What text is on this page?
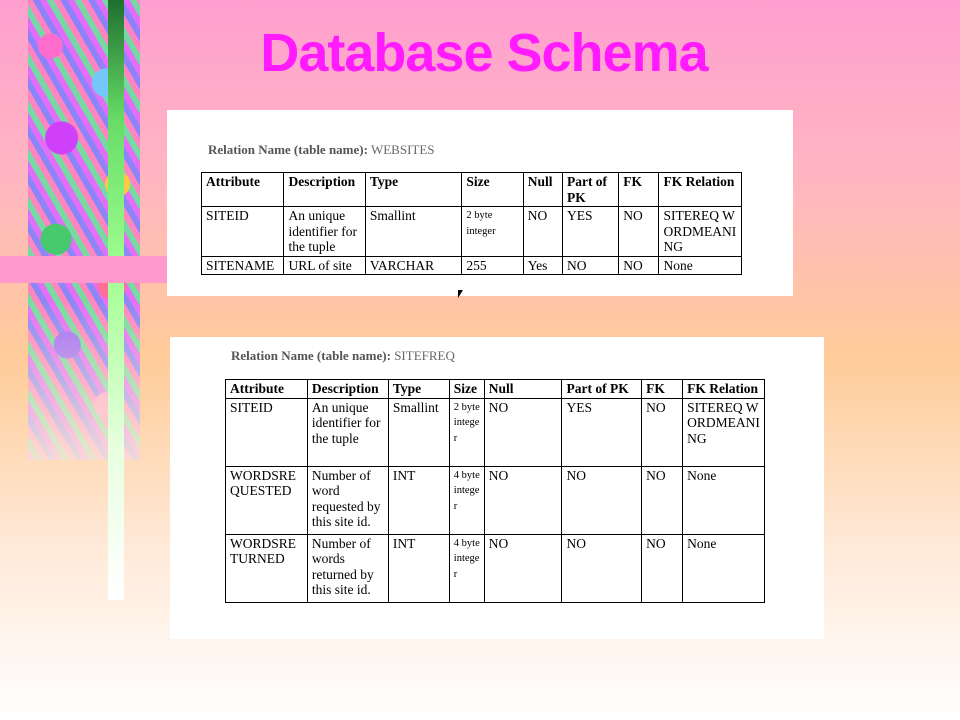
Database Schema
Relation Name (table name): WEBSITES
Attribute	Description	Type	Size	Null	Part of PK	FK	FK Relation
SITEID	An unique identifier for the tuple	Smallint	2 byte integer	NO	YES	NO	SITEREQ WORDMEANING
SITENAME	URL of site	VARCHAR	255	Yes	NO	NO	None
Relation Name (table name): SITEFREQ
Attribute	Description	Type	Size	Null	Part of PK	FK	FK Relation
SITEID	An unique identifier for the tuple	Smallint	2 byte integer	NO	YES	NO	SITEREQ WORDMEANING
WORDSREQUESTED	Number of word requested by this site id.	INT	4 byte integer	NO	NO	NO	None
WORDSRETURNED	Number of words returned by this site id.	INT	4 byte integer	NO	NO	NO	None
